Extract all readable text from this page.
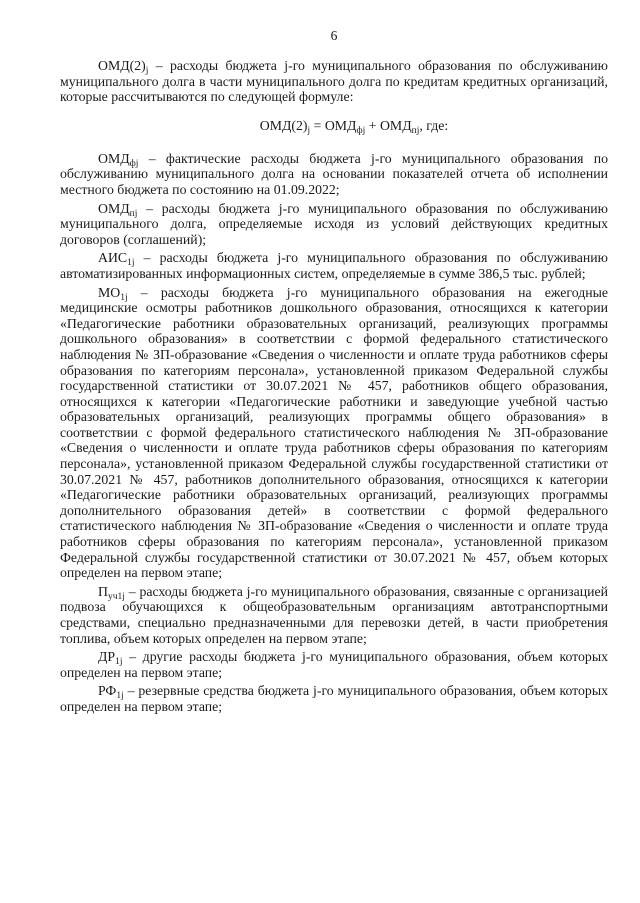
6

$ОМД(2)_j$ – расходы бюджета j-го муниципального образования по обслуживанию муниципального долга в части муниципального долга по кредитам кредитных организаций, которые рассчитываются по следующей формуле:

$ОМД(2)_j = ОМД_{фj} + ОМД_{пj}$, где:

$ОМД_{фj}$ – фактические расходы бюджета j-го муниципального образования по обслуживанию муниципального долга на основании показателей отчета об исполнении местного бюджета по состоянию на 01.09.2022;

$ОМД_{пj}$ – расходы бюджета j-го муниципального образования по обслуживанию муниципального долга, определяемые исходя из условий действующих кредитных договоров (соглашений);

$АИС_{1j}$ – расходы бюджета j-го муниципального образования по обслуживанию автоматизированных информационных систем, определяемые в сумме 386,5 тыс. рублей;

$МО_{1j}$ – расходы бюджета j-го муниципального образования на ежегодные медицинские осмотры работников дошкольного образования, относящихся к категории «Педагогические работники образовательных организаций, реализующих программы дошкольного образования» в соответствии с формой федерального статистического наблюдения № ЗП-образование «Сведения о численности и оплате труда работников сферы образования по категориям персонала», установленной приказом Федеральной службы государственной статистики от 30.07.2021 № 457, работников общего образования, относящихся к категории «Педагогические работники и заведующие учебной частью образовательных организаций, реализующих программы общего образования» в соответствии с формой федерального статистического наблюдения № ЗП-образование «Сведения о численности и оплате труда работников сферы образования по категориям персонала», установленной приказом Федеральной службы государственной статистики от 30.07.2021 № 457, работников дополнительного образования, относящихся к категории «Педагогические работники образовательных организаций, реализующих программы дополнительного образования детей» в соответствии с формой федерального статистического наблюдения № ЗП-образование «Сведения о численности и оплате труда работников сферы образования по категориям персонала», установленной приказом Федеральной службы государственной статистики от 30.07.2021 № 457, объем которых определен на первом этапе;

$П_{уч1j}$ – расходы бюджета j-го муниципального образования, связанные с организацией подвоза обучающихся к общеобразовательным организациям автотранспортными средствами, специально предназначенными для перевозки детей, в части приобретения топлива, объем которых определен на первом этапе;

$ДР_{1j}$ – другие расходы бюджета j-го муниципального образования, объем которых определен на первом этапе;

$РФ_{1j}$ – резервные средства бюджета j-го муниципального образования, объем которых определен на первом этапе;
